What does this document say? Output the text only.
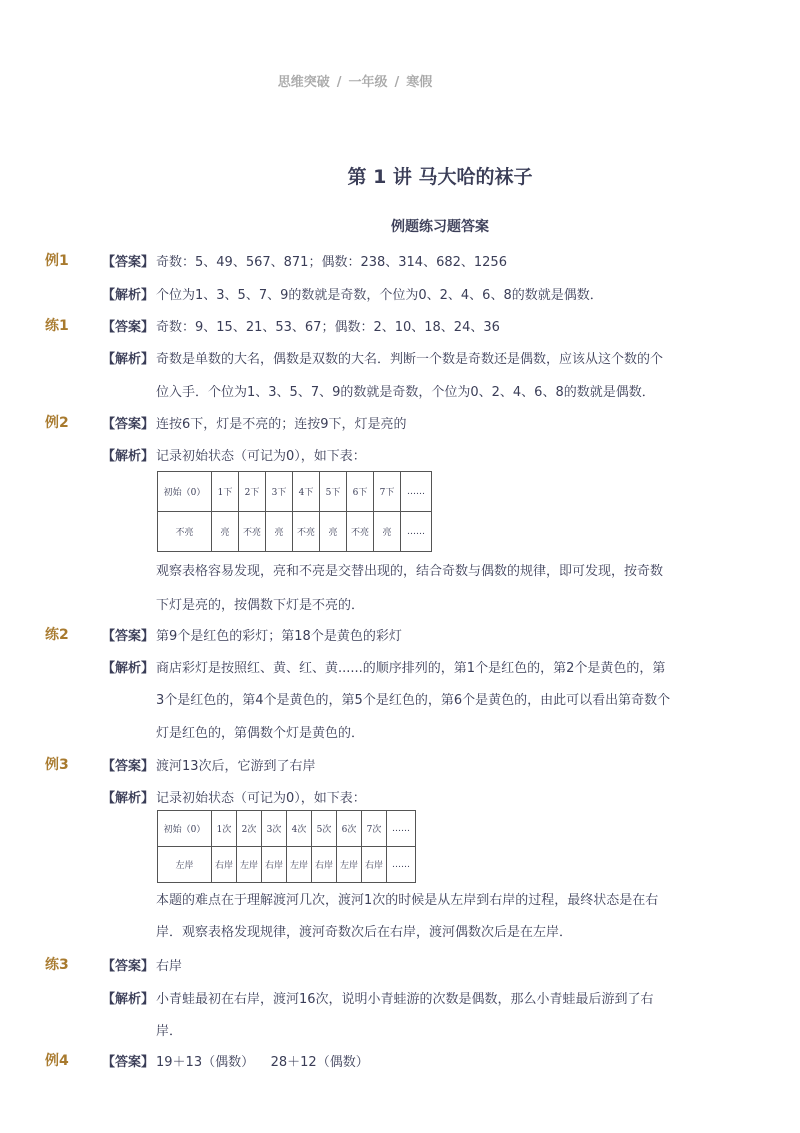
思维突破 / 一年级 / 寒假
第 1 讲 马大哈的袜子
例题练习题答案
例1	【答案】 奇数：5、49、567、871；偶数：238、314、682、1256
【解析】 个位为1、3、5、7、9的数就是奇数，个位为0、2、4、6、8的数就是偶数．
练1	【答案】 奇数：9、15、21、53、67；偶数：2、10、18、24、36
【解析】 奇数是单数的大名，偶数是双数的大名．判断一个数是奇数还是偶数，应该从这个数的个
位入手．个位为1、3、5、7、9的数就是奇数，个位为0、2、4、6、8的数就是偶数．
例2	【答案】 连按6下，灯是不亮的；连按9下，灯是亮的
【解析】 记录初始状态（可记为0），如下表：
初始（0）	1下	2下	3下	4下	5下	6下	7下	……
不亮	亮	不亮	亮	不亮	亮	不亮	亮	……
观察表格容易发现，亮和不亮是交替出现的，结合奇数与偶数的规律，即可发现，按奇数
下灯是亮的，按偶数下灯是不亮的．
练2	【答案】 第9个是红色的彩灯；第18个是黄色的彩灯
【解析】 商店彩灯是按照红、黄、红、黄......的顺序排列的，第1个是红色的，第2个是黄色的，第
3个是红色的，第4个是黄色的，第5个是红色的，第6个是黄色的，由此可以看出第奇数个
灯是红色的，第偶数个灯是黄色的．
例3	【答案】 渡河13次后，它游到了右岸
【解析】 记录初始状态（可记为0），如下表：
初始（0）	1次	2次	3次	4次	5次	6次	7次	……
左岸	右岸	左岸	右岸	左岸	右岸	左岸	右岸	……
本题的难点在于理解渡河几次，渡河1次的时候是从左岸到右岸的过程，最终状态是在右
岸．观察表格发现规律，渡河奇数次后在右岸，渡河偶数次后是在左岸．
练3	【答案】 右岸
【解析】 小青蛙最初在右岸，渡河16次，说明小青蛙游的次数是偶数，那么小青蛙最后游到了右
岸．
例4	【答案】 19＋13（偶数）    28＋12（偶数）
